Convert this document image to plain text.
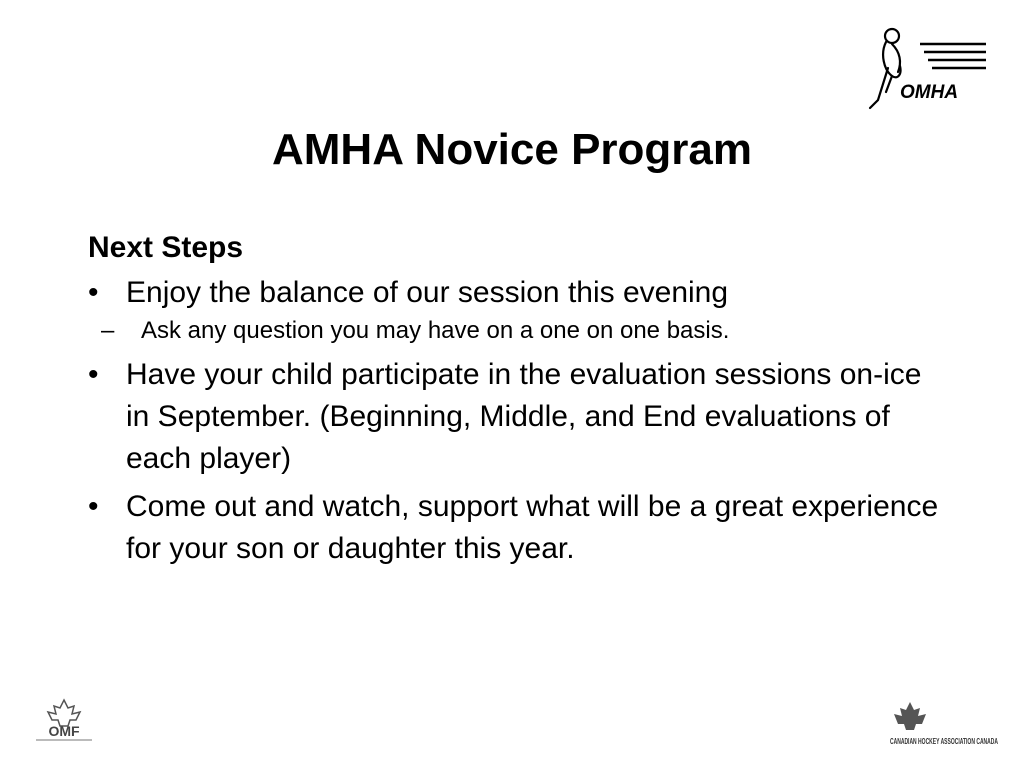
OMHA
AMHA Novice Program
Next Steps
• Enjoy the balance of our session this evening
– Ask any question you may have on a one on one basis.
• Have your child participate in the evaluation sessions on-ice in September. (Beginning, Middle, and End evaluations of each player)
• Come out and watch, support what will be a great experience for your son or daughter this year.
OMF
CANADIAN HOCKEY ASSOCIATION CANADA
